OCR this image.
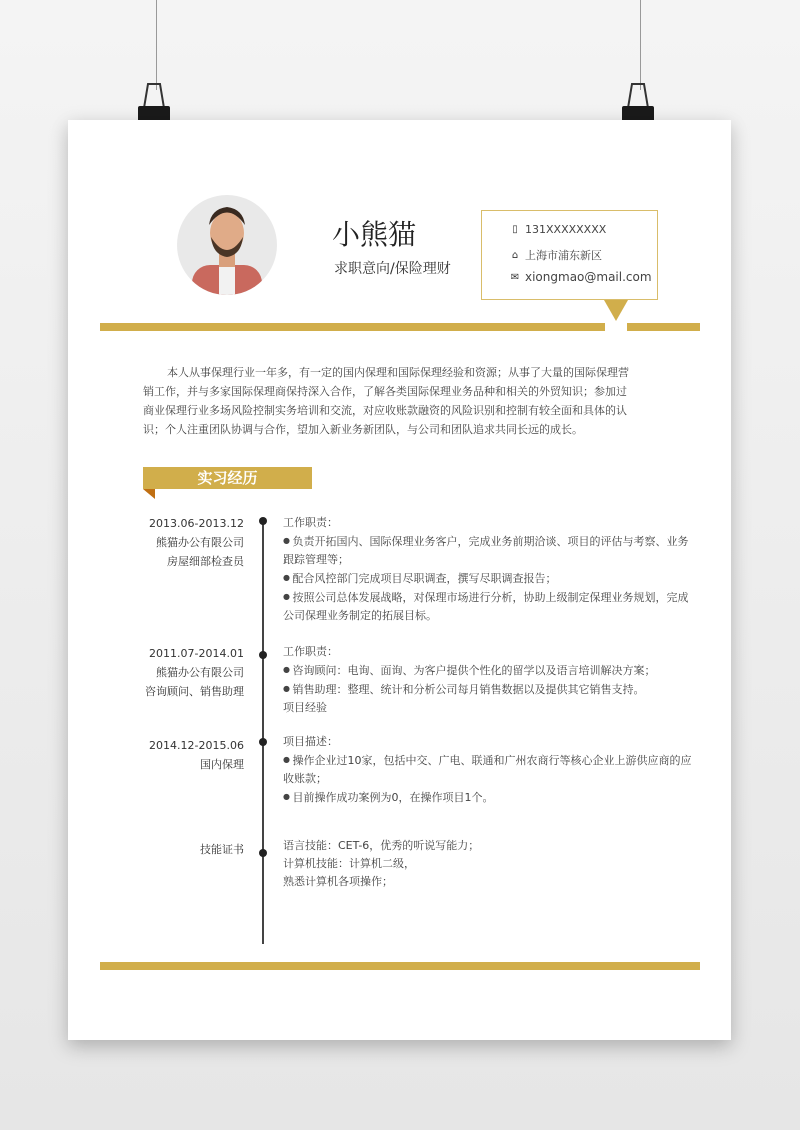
小熊猫
求职意向/保险理财
▯ 131XXXXXXXX
⌂ 上海市浦东新区
✉ xiongmao@mail.com
本人从事保理行业一年多，有一定的国内保理和国际保理经验和资源；从事了大量的国际保理营销工作，并与多家国际保理商保持深入合作，了解各类国际保理业务品种和相关的外贸知识；参加过商业保理行业多场风险控制实务培训和交流，对应收账款融资的风险识别和控制有较全面和具体的认识；个人注重团队协调与合作，望加入新业务新团队，与公司和团队追求共同长远的成长。
实习经历
2013.06-2013.12
熊猫办公有限公司
房屋细部检查员
工作职责：
● 负责开拓国内、国际保理业务客户，完成业务前期洽谈、项目的评估与考察、业务跟踪管理等；
● 配合风控部门完成项目尽职调查，撰写尽职调查报告；
● 按照公司总体发展战略，对保理市场进行分析，协助上级制定保理业务规划，完成公司保理业务制定的拓展目标。
2011.07-2014.01
熊猫办公有限公司
咨询顾问、销售助理
工作职责：
● 咨询顾问：电询、面询、为客户提供个性化的留学以及语言培训解决方案；
● 销售助理：整理、统计和分析公司每月销售数据以及提供其它销售支持。
项目经验
2014.12-2015.06
国内保理
项目描述：
● 操作企业过10家，包括中交、广电、联通和广州农商行等核心企业上游供应商的应收账款；
● 目前操作成功案例为0，在操作项目1个。
技能证书	语言技能：CET-6，优秀的听说写能力；
计算机技能：计算机二级，
熟悉计算机各项操作；
